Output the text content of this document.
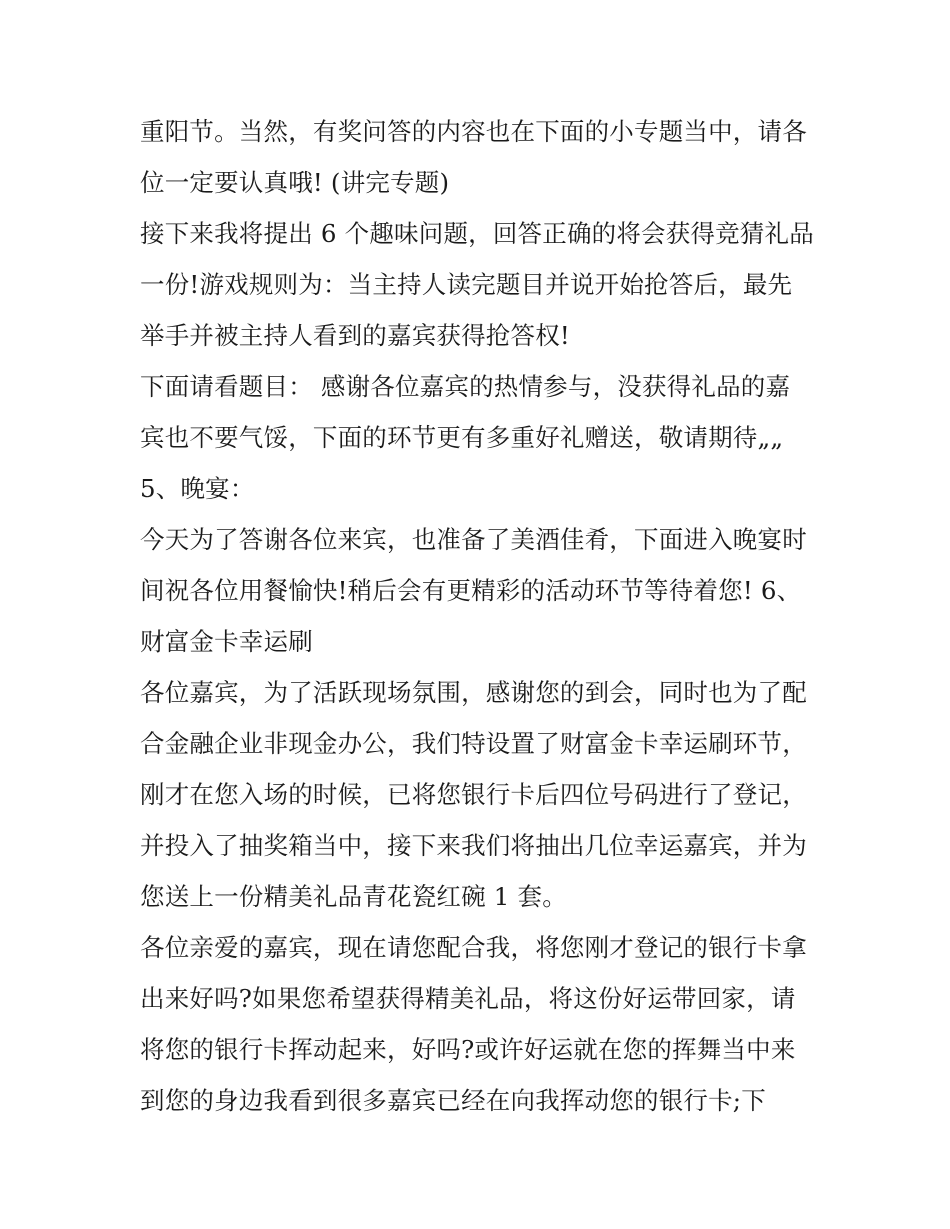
重阳节。当然，有奖问答的内容也在下面的小专题当中，请各
位一定要认真哦! (讲完专题)
接下来我将提出 6 个趣味问题，回答正确的将会获得竞猜礼品
一份!游戏规则为：当主持人读完题目并说开始抢答后，最先
举手并被主持人看到的嘉宾获得抢答权!
下面请看题目： 感谢各位嘉宾的热情参与，没获得礼品的嘉
宾也不要气馁，下面的环节更有多重好礼赠送，敬请期待„„
5、晚宴：
今天为了答谢各位来宾，也准备了美酒佳肴，下面进入晚宴时
间祝各位用餐愉快!稍后会有更精彩的活动环节等待着您! 6、
财富金卡幸运刷
各位嘉宾，为了活跃现场氛围，感谢您的到会，同时也为了配
合金融企业非现金办公，我们特设置了财富金卡幸运刷环节，
刚才在您入场的时候，已将您银行卡后四位号码进行了登记，
并投入了抽奖箱当中，接下来我们将抽出几位幸运嘉宾，并为
您送上一份精美礼品青花瓷红碗 1 套。
各位亲爱的嘉宾，现在请您配合我，将您刚才登记的银行卡拿
出来好吗?如果您希望获得精美礼品，将这份好运带回家，请
将您的银行卡挥动起来，好吗?或许好运就在您的挥舞当中来
到您的身边我看到很多嘉宾已经在向我挥动您的银行卡;下
